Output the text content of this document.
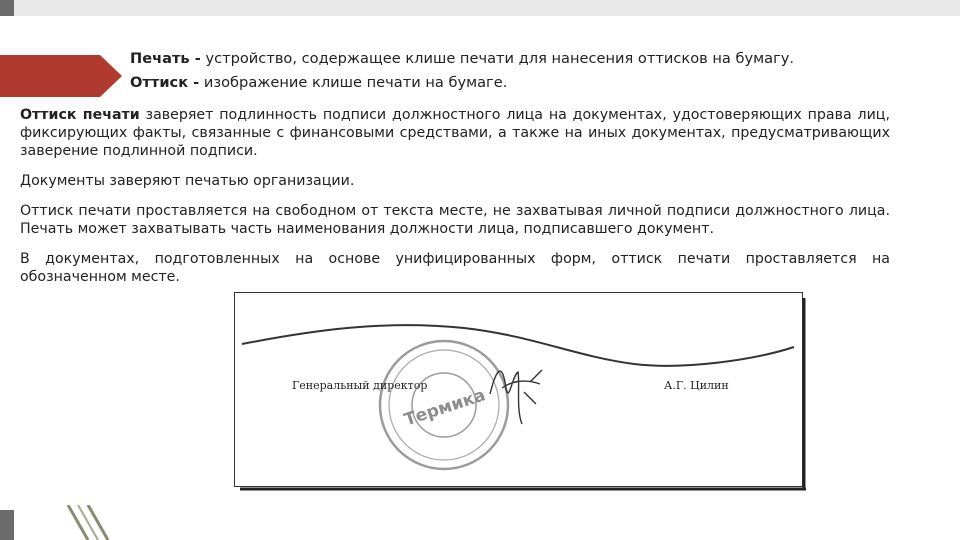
Печать - устройство, содержащее клише печати для нанесения оттисков на бумагу.
Оттиск - изображение клише печати на бумаге.
Оттиск печати заверяет подлинность подписи должностного лица на документах, удостоверяющих права лиц, фиксирующих факты, связанные с финансовыми средствами, а также на иных документах, предусматривающих заверение подлинной подписи.
Документы заверяют печатью организации.
Оттиск печати проставляется на свободном от текста месте, не захватывая личной подписи должностного лица. Печать может захватывать часть наименования должности лица, подписавшего документ.
В документах, подготовленных на основе унифицированных форм, оттиск печати проставляется на обозначенном месте.
Термика
Генеральный директор	А.Г. Цилин
